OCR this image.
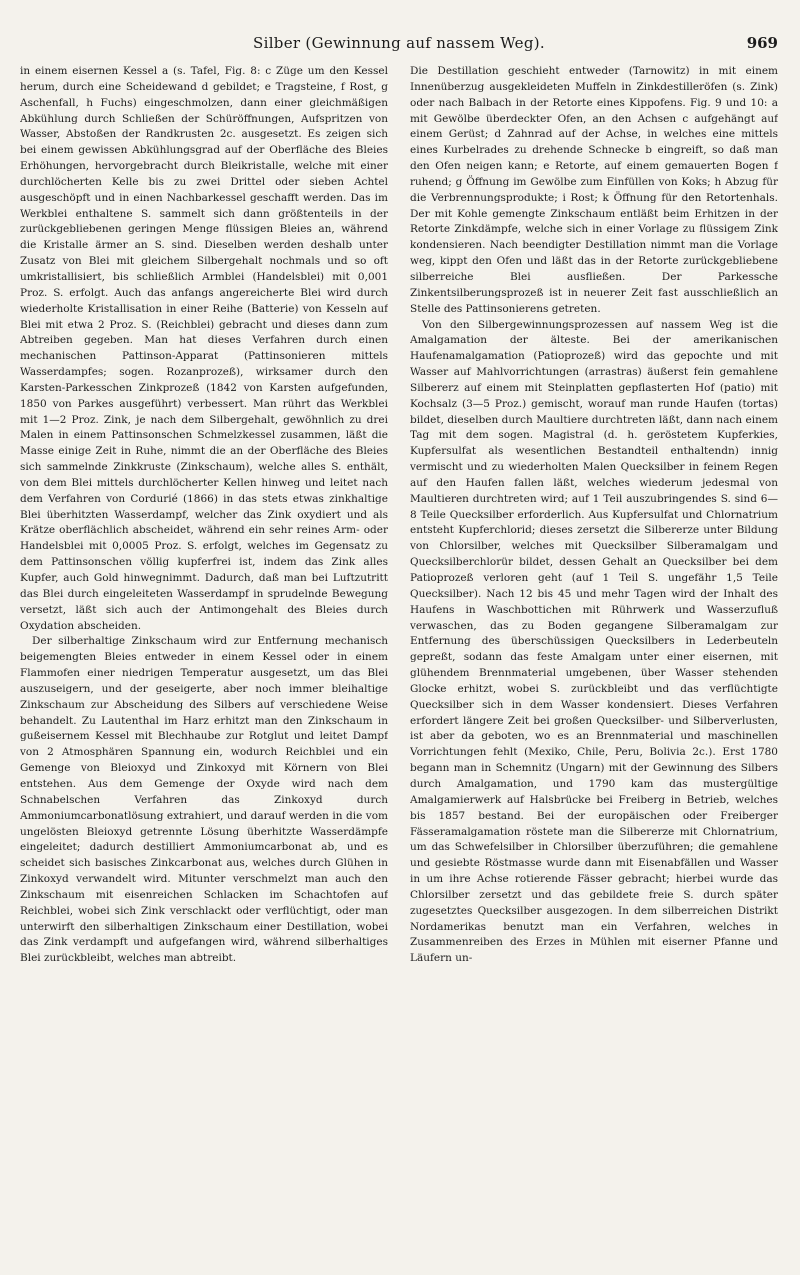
Silber (Gewinnung auf nassem Weg).	969

in einem eisernen Kessel a (s. Tafel, Fig. 8: c Züge um den Kessel herum, durch eine Scheidewand d gebildet; e Tragsteine, f Rost, g Aschenfall, h Fuchs) eingeschmolzen, dann einer gleichmäßigen Abkühlung durch Schließen der Schüröffnungen, Aufspritzen von Wasser, Abstoßen der Randkrusten 2c. ausgesetzt. Es zeigen sich bei einem gewissen Abkühlungsgrad auf der Oberfläche des Bleies Erhöhungen, hervorgebracht durch Bleikristalle, welche mit einer durchlöcherten Kelle bis zu zwei Drittel oder sieben Achtel ausgeschöpft und in einen Nachbarkessel geschafft werden. Das im Werkblei enthaltene S. sammelt sich dann größtenteils in der zurückgebliebenen geringen Menge flüssigen Bleies an, während die Kristalle ärmer an S. sind. Dieselben werden deshalb unter Zusatz von Blei mit gleichem Silbergehalt nochmals und so oft umkristallisiert, bis schließlich Armblei (Handelsblei) mit 0,001 Proz. S. erfolgt. Auch das anfangs angereicherte Blei wird durch wiederholte Kristallisation in einer Reihe (Batterie) von Kesseln auf Blei mit etwa 2 Proz. S. (Reichblei) gebracht und dieses dann zum Abtreiben gegeben. Man hat dieses Verfahren durch einen mechanischen Pattinson-Apparat (Pattinsonieren mittels Wasserdampfes; sogen. Rozanprozeß), wirksamer durch den Karsten-Parkesschen Zinkprozeß (1842 von Karsten aufgefunden, 1850 von Parkes ausgeführt) verbessert. Man rührt das Werkblei mit 1—2 Proz. Zink, je nach dem Silbergehalt, gewöhnlich zu drei Malen in einem Pattinsonschen Schmelzkessel zusammen, läßt die Masse einige Zeit in Ruhe, nimmt die an der Oberfläche des Bleies sich sammelnde Zinkkruste (Zinkschaum), welche alles S. enthält, von dem Blei mittels durchlöcherter Kellen hinweg und leitet nach dem Verfahren von Cordurié (1866) in das stets etwas zinkhaltige Blei überhitzten Wasserdampf, welcher das Zink oxydiert und als Krätze oberflächlich abscheidet, während ein sehr reines Arm- oder Handelsblei mit 0,0005 Proz. S. erfolgt, welches im Gegensatz zu dem Pattinsonschen völlig kupferfrei ist, indem das Zink alles Kupfer, auch Gold hinwegnimmt. Dadurch, daß man bei Luftzutritt das Blei durch eingeleiteten Wasserdampf in sprudelnde Bewegung versetzt, läßt sich auch der Antimongehalt des Bleies durch Oxydation abscheiden.

Der silberhaltige Zinkschaum wird zur Entfernung mechanisch beigemengten Bleies entweder in einem Kessel oder in einem Flammofen einer niedrigen Temperatur ausgesetzt, um das Blei auszuseigern, und der geseigerte, aber noch immer bleihaltige Zinkschaum zur Abscheidung des Silbers auf verschiedene Weise behandelt. Zu Lautenthal im Harz erhitzt man den Zinkschaum in gußeisernem Kessel mit Blechhaube zur Rotglut und leitet Dampf von 2 Atmosphären Spannung ein, wodurch Reichblei und ein Gemenge von Bleioxyd und Zinkoxyd mit Körnern von Blei entstehen. Aus dem Gemenge der Oxyde wird nach dem Schnabelschen Verfahren das Zinkoxyd durch Ammoniumcarbonatlösung extrahiert, und darauf werden in die vom ungelösten Bleioxyd getrennte Lösung überhitzte Wasserdämpfe eingeleitet; dadurch destilliert Ammoniumcarbonat ab, und es scheidet sich basisches Zinkcarbonat aus, welches durch Glühen in Zinkoxyd verwandelt wird. Mitunter verschmelzt man auch den Zinkschaum mit eisenreichen Schlacken im Schachtofen auf Reichblei, wobei sich Zink verschlackt oder verflüchtigt, oder man unterwirft den silberhaltigen Zinkschaum einer Destillation, wobei das Zink verdampft und aufgefangen wird, während silberhaltiges Blei zurückbleibt, welches man abtreibt.

Die Destillation geschieht entweder (Tarnowitz) in mit einem Innenüberzug ausgekleideten Muffeln in Zinkdestilleröfen (s. Zink) oder nach Balbach in der Retorte eines Kippofens. Fig. 9 und 10: a mit Gewölbe überdeckter Ofen, an den Achsen c aufgehängt auf einem Gerüst; d Zahnrad auf der Achse, in welches eine mittels eines Kurbelrades zu drehende Schnecke b eingreift, so daß man den Ofen neigen kann; e Retorte, auf einem gemauerten Bogen f ruhend; g Öffnung im Gewölbe zum Einfüllen von Koks; h Abzug für die Verbrennungsprodukte; i Rost; k Öffnung für den Retortenhals. Der mit Kohle gemengte Zinkschaum entläßt beim Erhitzen in der Retorte Zinkdämpfe, welche sich in einer Vorlage zu flüssigem Zink kondensieren. Nach beendigter Destillation nimmt man die Vorlage weg, kippt den Ofen und läßt das in der Retorte zurückgebliebene silberreiche Blei ausfließen. Der Parkessche Zinkentsilberungsprozeß ist in neuerer Zeit fast ausschließlich an Stelle des Pattinsonierens getreten.

Von den Silbergewinnungsprozessen auf nassem Weg ist die Amalgamation der älteste. Bei der amerikanischen Haufenamalgamation (Patioprozeß) wird das gepochte und mit Wasser auf Mahlvorrichtungen (arrastras) äußerst fein gemahlene Silbererz auf einem mit Steinplatten gepflasterten Hof (patio) mit Kochsalz (3—5 Proz.) gemischt, worauf man runde Haufen (tortas) bildet, dieselben durch Maultiere durchtreten läßt, dann nach einem Tag mit dem sogen. Magistral (d. h. geröstetem Kupferkies, Kupfersulfat als wesentlichen Bestandteil enthaltendn) innig vermischt und zu wiederholten Malen Quecksilber in feinem Regen auf den Haufen fallen läßt, welches wiederum jedesmal von Maultieren durchtreten wird; auf 1 Teil auszubringendes S. sind 6—8 Teile Quecksilber erforderlich. Aus Kupfersulfat und Chlornatrium entsteht Kupferchlorid; dieses zersetzt die Silbererze unter Bildung von Chlorsilber, welches mit Quecksilber Silberamalgam und Quecksilberchlorür bildet, dessen Gehalt an Quecksilber bei dem Patioprozeß verloren geht (auf 1 Teil S. ungefähr 1,5 Teile Quecksilber). Nach 12 bis 45 und mehr Tagen wird der Inhalt des Haufens in Waschbottichen mit Rührwerk und Wasserzufluß verwaschen, das zu Boden gegangene Silberamalgam zur Entfernung des überschüssigen Quecksilbers in Lederbeuteln gepreßt, sodann das feste Amalgam unter einer eisernen, mit glühendem Brennmaterial umgebenen, über Wasser stehenden Glocke erhitzt, wobei S. zurückbleibt und das verflüchtigte Quecksilber sich in dem Wasser kondensiert. Dieses Verfahren erfordert längere Zeit bei großen Quecksilber- und Silberverlusten, ist aber da geboten, wo es an Brennmaterial und maschinellen Vorrichtungen fehlt (Mexiko, Chile, Peru, Bolivia 2c.). Erst 1780 begann man in Schemnitz (Ungarn) mit der Gewinnung des Silbers durch Amalgamation, und 1790 kam das mustergültige Amalgamierwerk auf Halsbrücke bei Freiberg in Betrieb, welches bis 1857 bestand. Bei der europäischen oder Freiberger Fässeramalgamation röstete man die Silbererze mit Chlornatrium, um das Schwefelsilber in Chlorsilber überzuführen; die gemahlene und gesiebte Röstmasse wurde dann mit Eisenabfällen und Wasser in um ihre Achse rotierende Fässer gebracht; hierbei wurde das Chlorsilber zersetzt und das gebildete freie S. durch später zugesetztes Quecksilber ausgezogen. In dem silberreichen Distrikt Nordamerikas benutzt man ein Verfahren, welches in Zusammenreiben des Erzes in Mühlen mit eiserner Pfanne und Läufern un-
